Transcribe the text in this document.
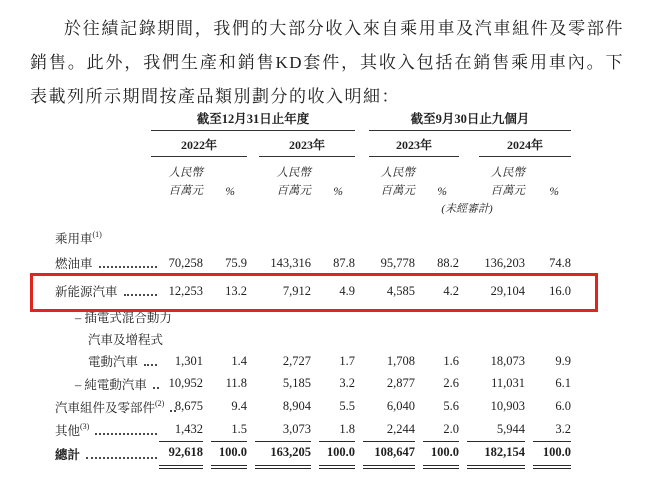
於往績記錄期間，我們的大部分收入來自乘用車及汽車組件及零部件銷售。此外，我們生產和銷售KD套件，其收入包括在銷售乘用車內。下表載列所示期間按產品類別劃分的收入明細：

截至12月31日止年度	截至9月30日止九個月
2022年	2023年	2023年	2024年
人民幣	人民幣	人民幣	人民幣
百萬元	%	百萬元	%	百萬元	%	百萬元	%
(未經審計)
乘用車$^{(1)}$
燃油車	70,258	75.9	143,316	87.8	95,778	88.2	136,203	74.8
新能源汽車	12,253	13.2	7,912	4.9	4,585	4.2	29,104	16.0
– 插電式混合動力
汽車及增程式
電動汽車	1,301	1.4	2,727	1.7	1,708	1.6	18,073	9.9
– 純電動汽車	10,952	11.8	5,185	3.2	2,877	2.6	11,031	6.1
汽車組件及零部件$^{(2)}$ 8,675	9.4	8,904	5.5	6,040	5.6	10,903	6.0
其他$^{(3)}$	1,432	1.5	3,073	1.8	2,244	2.0	5,944	3.2
總計	92,618	100.0	163,205	100.0	108,647	100.0	182,154	100.0
